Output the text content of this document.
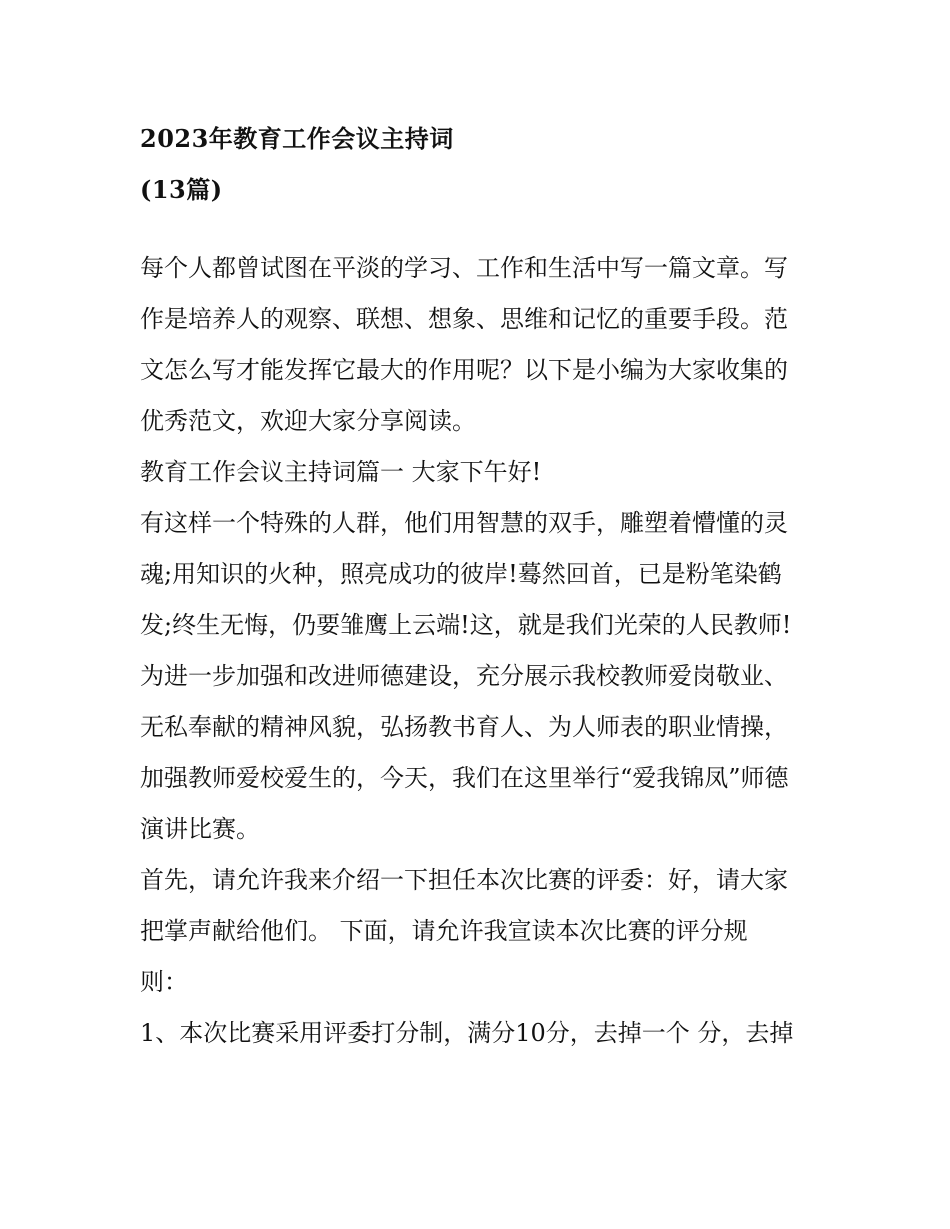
2023年教育工作会议主持词
(13篇)
每个人都曾试图在平淡的学习、工作和生活中写一篇文章。写
作是培养人的观察、联想、想象、思维和记忆的重要手段。范
文怎么写才能发挥它最大的作用呢？以下是小编为大家收集的
优秀范文，欢迎大家分享阅读。
教育工作会议主持词篇一 大家下午好!
有这样一个特殊的人群，他们用智慧的双手，雕塑着懵懂的灵
魂;用知识的火种，照亮成功的彼岸!蓦然回首，已是粉笔染鹤
发;终生无悔，仍要雏鹰上云端!这，就是我们光荣的人民教师!
为进一步加强和改进师德建设，充分展示我校教师爱岗敬业、
无私奉献的精神风貌，弘扬教书育人、为人师表的职业情操，
加强教师爱校爱生的，今天，我们在这里举行“爱我锦凤”师德
演讲比赛。
首先，请允许我来介绍一下担任本次比赛的评委：好，请大家
把掌声献给他们。 下面，请允许我宣读本次比赛的评分规
则：
1、本次比赛采用评委打分制，满分10分，去掉一个 分，去掉
